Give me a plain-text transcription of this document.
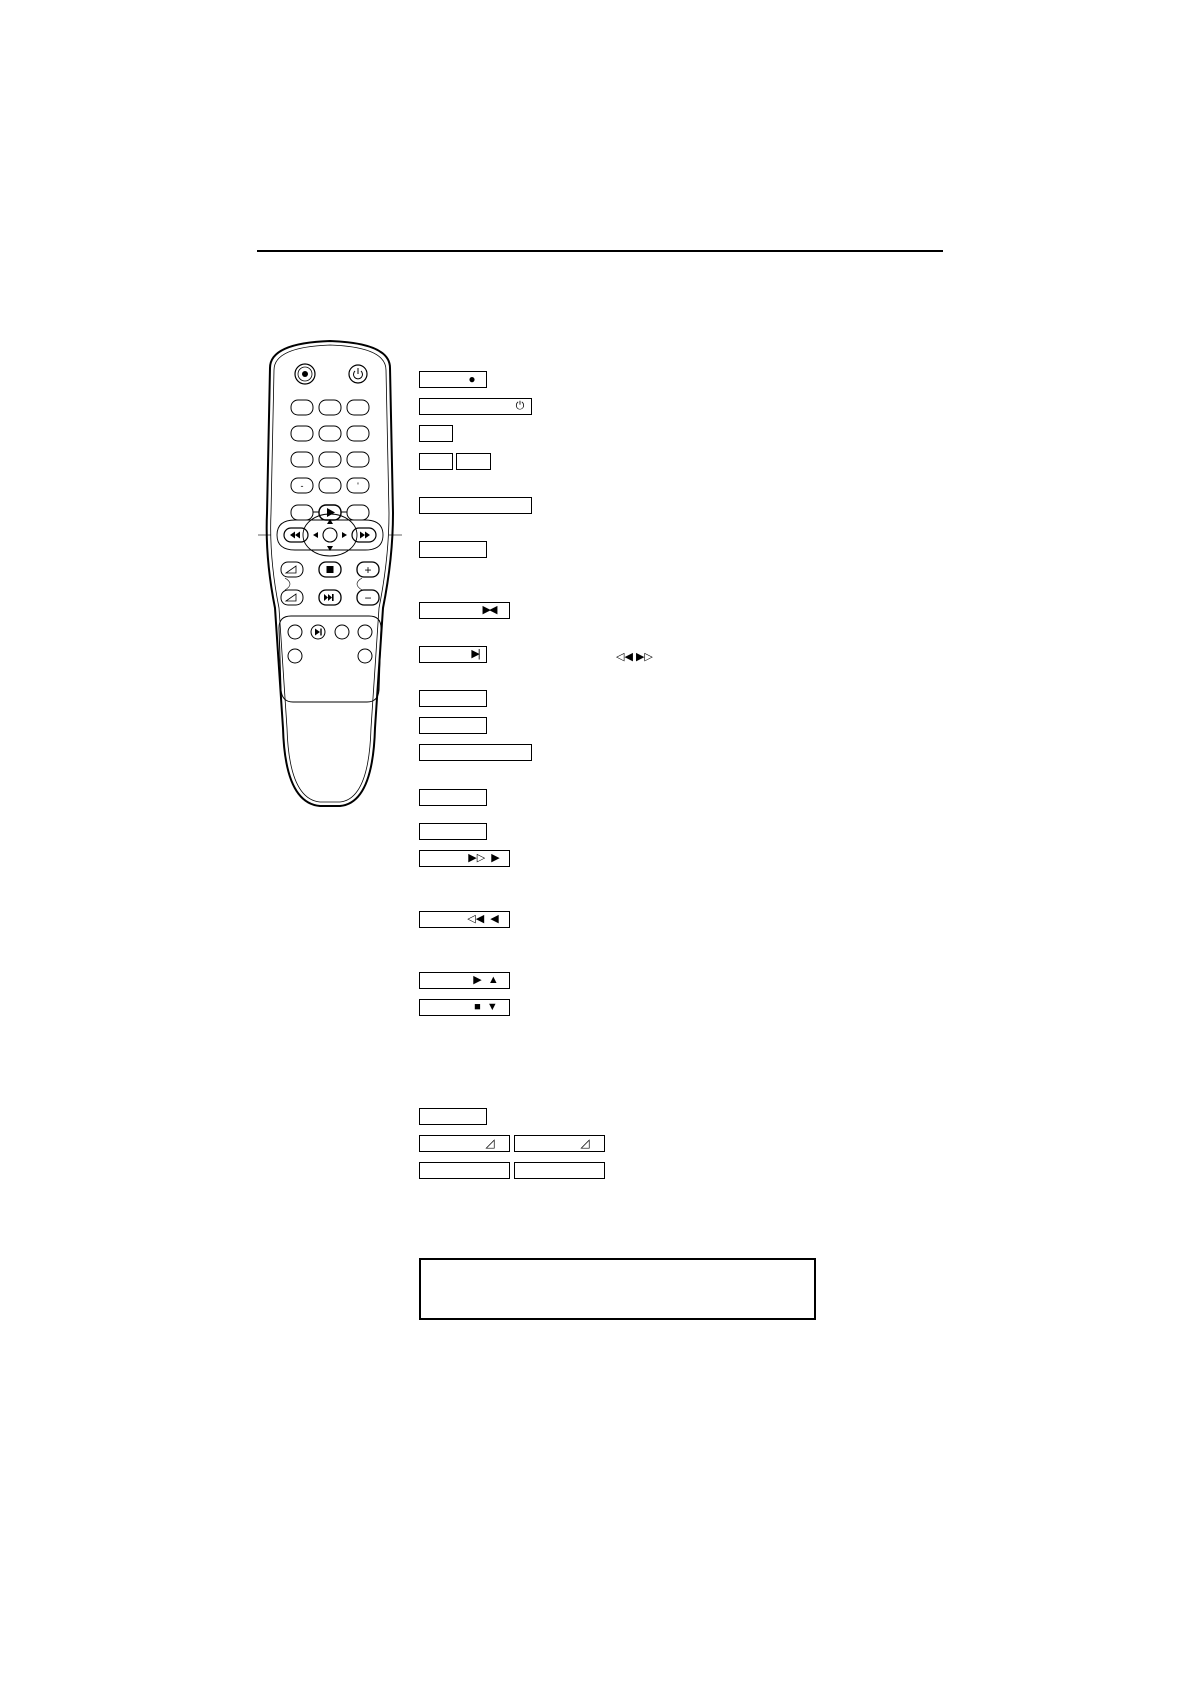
-	'
+
−
●
⏻
▶◀
▶|	◁◀ ▶▷
▶▷  ▶
◁◀  ◀
▶  ▲
■  ▼
◿	◿
